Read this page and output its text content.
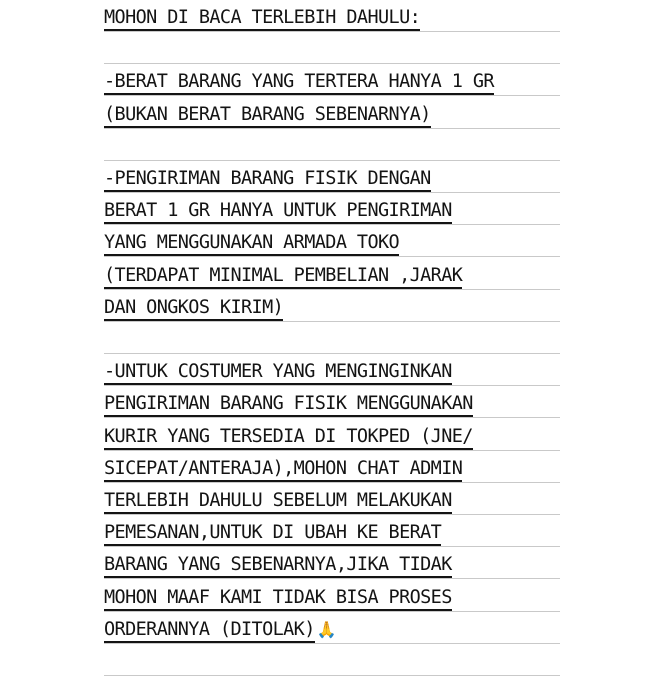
MOHON DI BACA TERLEBIH DAHULU:
-BERAT BARANG YANG TERTERA HANYA 1 GR
(BUKAN BERAT BARANG SEBENARNYA)
-PENGIRIMAN BARANG FISIK DENGAN
BERAT 1 GR HANYA UNTUK PENGIRIMAN
YANG MENGGUNAKAN ARMADA TOKO
(TERDAPAT MINIMAL PEMBELIAN ,JARAK
DAN ONGKOS KIRIM)
-UNTUK COSTUMER YANG MENGINGINKAN
PENGIRIMAN BARANG FISIK MENGGUNAKAN
KURIR YANG TERSEDIA DI TOKPED (JNE/
SICEPAT/ANTERAJA),MOHON CHAT ADMIN
TERLEBIH DAHULU SEBELUM MELAKUKAN
PEMESANAN,UNTUK DI UBAH KE BERAT
BARANG YANG SEBENARNYA,JIKA TIDAK
MOHON MAAF KAMI TIDAK BISA PROSES
ORDERANNYA (DITOLAK) 🙏
